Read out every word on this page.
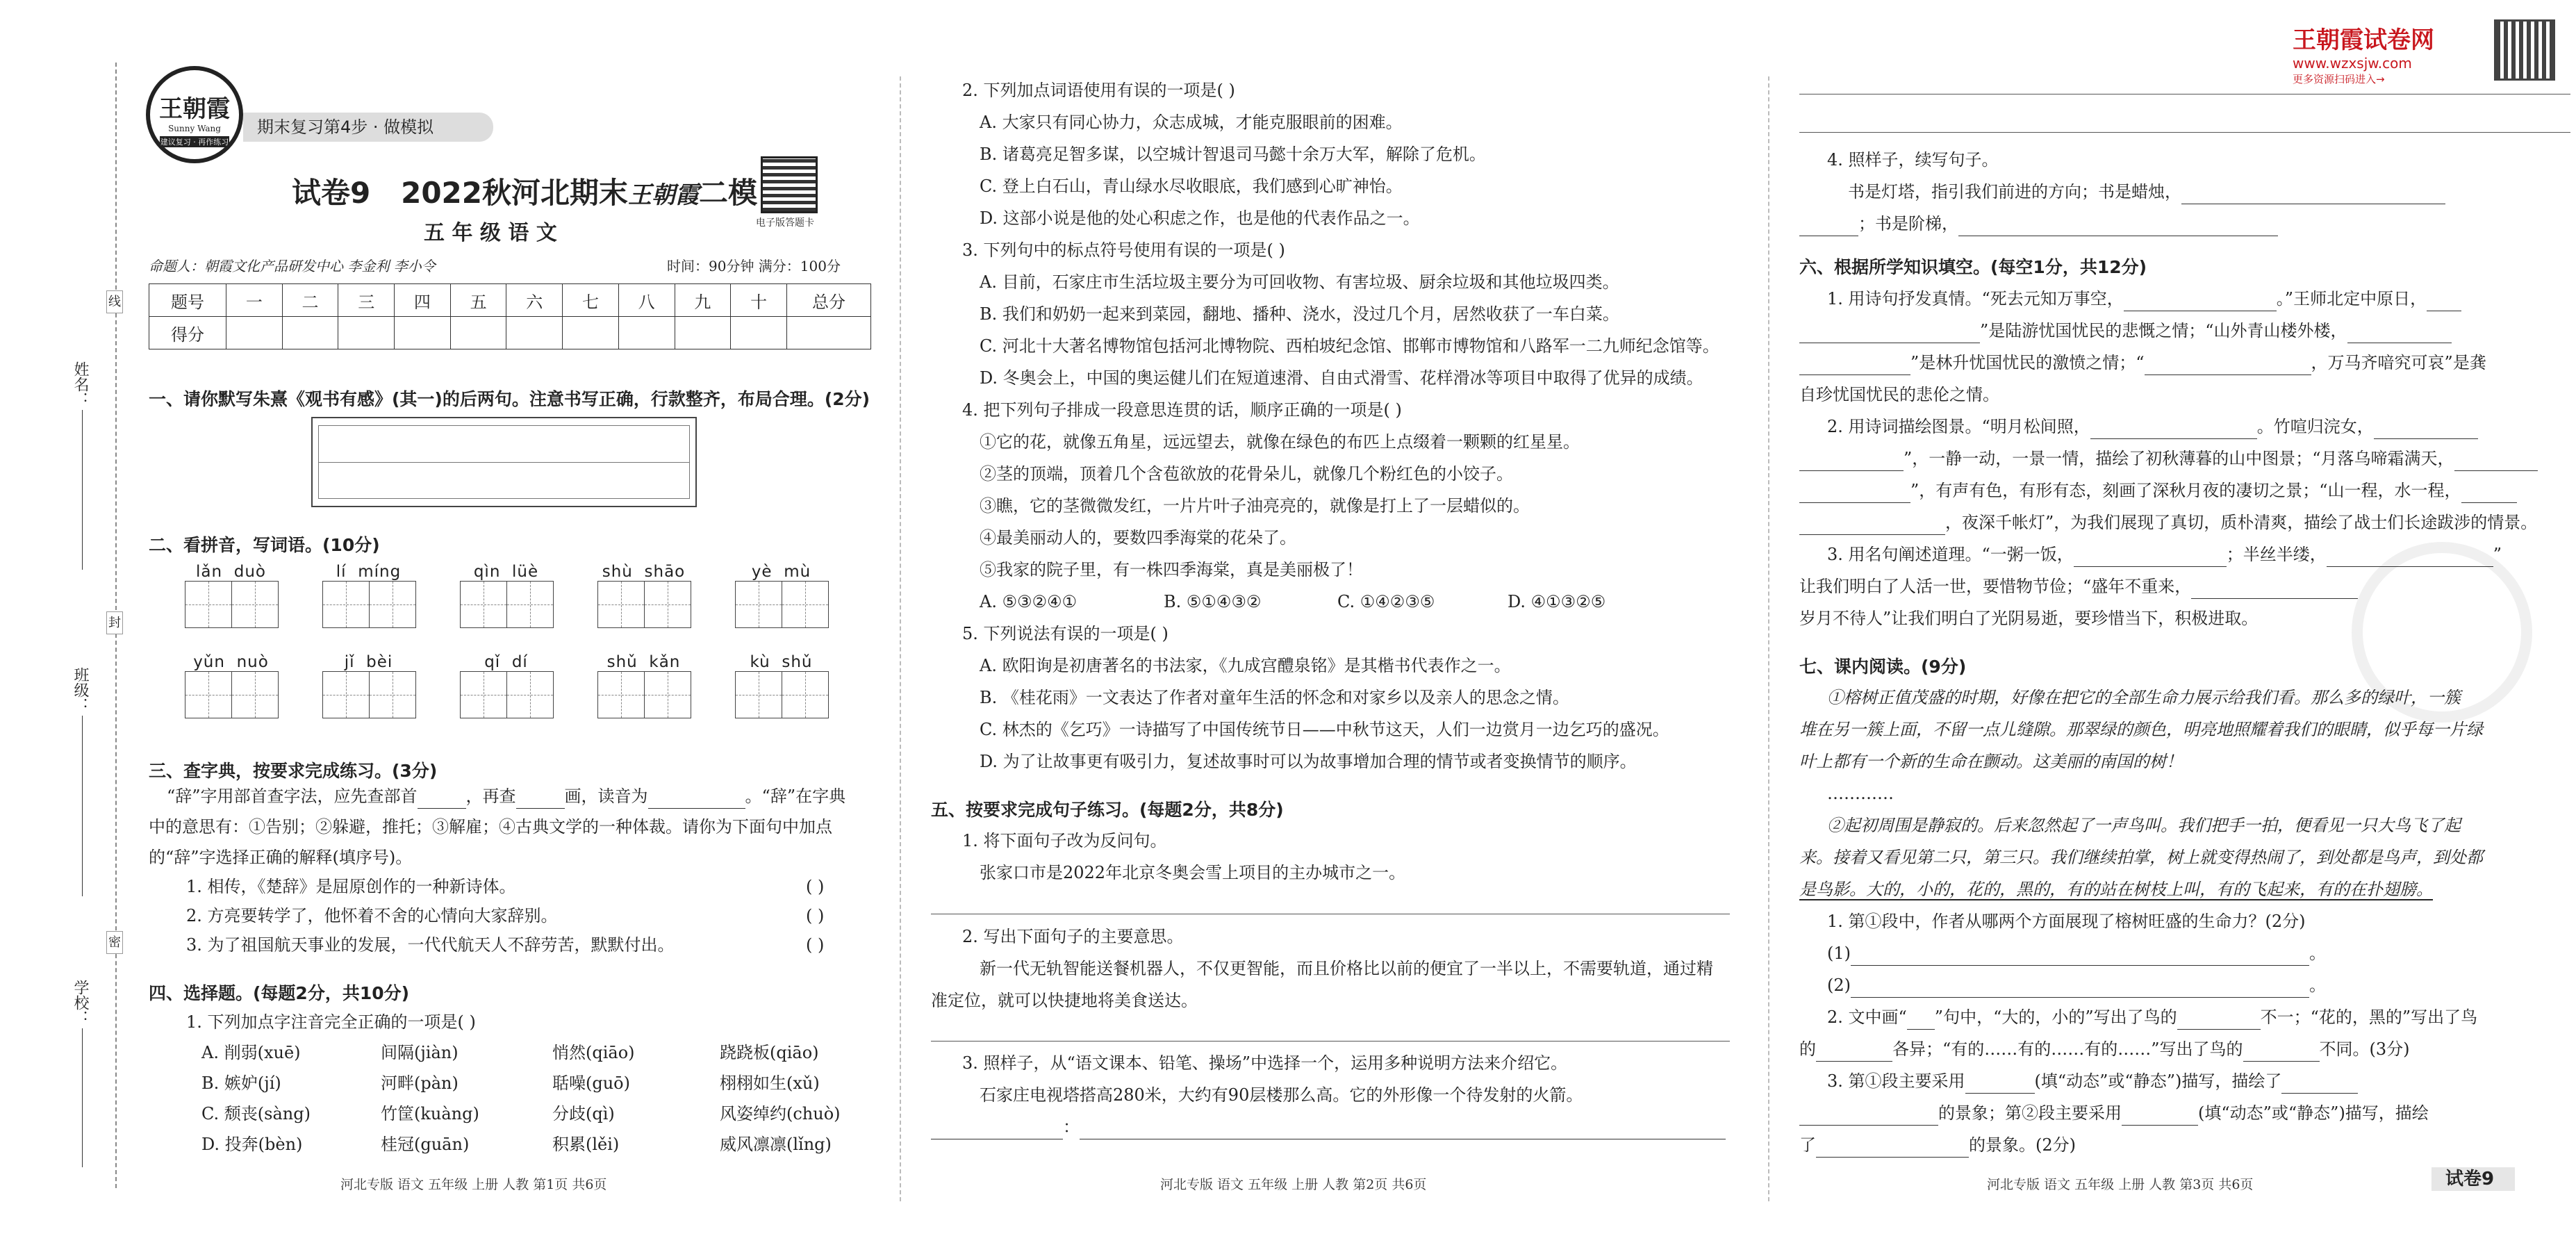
王朝霞试卷网
www.wzxsjw.com
更多资源扫码进入→
姓名：
班级：
学校：
线
封
密
王朝霞
Sunny Wang
建议复习 · 再作练习
期末复习第4步 · 做模拟
试卷9 2022秋河北期末王朝霞二模
五 年 级 语 文	电子版答题卡
命题人：朝霞文化产品研发中心 李金利 李小令	时间：90分钟 满分：100分
题号	一	二	三	四	五	六	七	八	九	十	总分
得分											
一、请你默写朱熹《观书有感》(其一)的后两句。注意书写正确，行款整齐，布局合理。(2分)
二、看拼音，写词语。(10分)
lǎn duò	lí míng	qìn lüè	shù shāo	yè mù
yǔn nuò	jǐ bèi	qǐ dí	shǔ kǎn	kù shǔ
三、查字典，按要求完成练习。(3分)
“辞”字用部首查字法，应先查部首	，再查	画，读音为	。“辞”在字典
中的意思有：①告别；②躲避，推托；③解雇；④古典文学的一种体裁。请你为下面句中加点
的“辞”字选择正确的解释(填序号)。
1. 相传，《楚辞》是屈原创作的一种新诗体。	( )
2. 方亮要转学了，他怀着不舍的心情向大家辞别。	( )
3. 为了祖国航天事业的发展，一代代航天人不辞劳苦，默默付出。	( )
四、选择题。(每题2分，共10分)
1. 下列加点字注音完全正确的一项是( )
A. 削弱(xuē)	间隔(jiàn)	悄然(qiāo)	跷跷板(qiāo)
B. 嫉妒(jí)	河畔(pàn)	聒噪(guō)	栩栩如生(xǔ)
C. 颓丧(sàng)	竹筐(kuàng)	分歧(qì)	风姿绰约(chuò)
D. 投奔(bèn)	桂冠(guān)	积累(lěi)	威风凛凛(lǐng)
河北专版 语文 五年级 上册 人教 第1页 共6页
2. 下列加点词语使用有误的一项是( )
A. 大家只有同心协力，众志成城，才能克服眼前的困难。
B. 诸葛亮足智多谋，以空城计智退司马懿十余万大军，解除了危机。
C. 登上白石山，青山绿水尽收眼底，我们感到心旷神怡。
D. 这部小说是他的处心积虑之作，也是他的代表作品之一。
3. 下列句中的标点符号使用有误的一项是( )
A. 目前，石家庄市生活垃圾主要分为可回收物、有害垃圾、厨余垃圾和其他垃圾四类。
B. 我们和奶奶一起来到菜园，翻地、播种、浇水，没过几个月，居然收获了一车白菜。
C. 河北十大著名博物馆包括河北博物院、西柏坡纪念馆、邯郸市博物馆和八路军一二九师纪念馆等。
D. 冬奥会上，中国的奥运健儿们在短道速滑、自由式滑雪、花样滑冰等项目中取得了优异的成绩。
4. 把下列句子排成一段意思连贯的话，顺序正确的一项是( )
①它的花，就像五角星，远远望去，就像在绿色的布匹上点缀着一颗颗的红星星。
②茎的顶端，顶着几个含苞欲放的花骨朵儿，就像几个粉红色的小饺子。
③瞧，它的茎微微发红，一片片叶子油亮亮的，就像是打上了一层蜡似的。
④最美丽动人的，要数四季海棠的花朵了。
⑤我家的院子里，有一株四季海棠，真是美丽极了！
A. ⑤③②④①	B. ⑤①④③②	C. ①④②③⑤	D. ④①③②⑤
5. 下列说法有误的一项是( )
A. 欧阳询是初唐著名的书法家，《九成宫醴泉铭》是其楷书代表作之一。
B. 《桂花雨》一文表达了作者对童年生活的怀念和对家乡以及亲人的思念之情。
C. 林杰的《乞巧》一诗描写了中国传统节日——中秋节这天，人们一边赏月一边乞巧的盛况。
D. 为了让故事更有吸引力，复述故事时可以为故事增加合理的情节或者变换情节的顺序。
五、按要求完成句子练习。(每题2分，共8分)
1. 将下面句子改为反问句。
张家口市是2022年北京冬奥会雪上项目的主办城市之一。
2. 写出下面句子的主要意思。
新一代无轨智能送餐机器人，不仅更智能，而且价格比以前的便宜了一半以上，不需要轨道，通过精
准定位，就可以快捷地将美食送达。
3. 照样子，从“语文课本、铅笔、操场”中选择一个，运用多种说明方法来介绍它。
石家庄电视塔搭高280米，大约有90层楼那么高。它的外形像一个待发射的火箭。
：
河北专版 语文 五年级 上册 人教 第2页 共6页
4. 照样子，续写句子。
书是灯塔，指引我们前进的方向；书是蜡烛，
；书是阶梯，
六、根据所学知识填空。(每空1分，共12分)
1. 用诗句抒发真情。“死去元知万事空，	。”王师北定中原日，
”是陆游忧国忧民的悲慨之情；“山外青山楼外楼，
”是林升忧国忧民的激愤之情；“	，万马齐喑究可哀”是龚
自珍忧国忧民的悲伦之情。
2. 用诗词描绘图景。“明月松间照，	。竹喧归浣女，
”，一静一动，一景一情，描绘了初秋薄暮的山中图景；“月落乌啼霜满天，
”，有声有色，有形有态，刻画了深秋月夜的凄切之景；“山一程，水一程，
，夜深千帐灯”，为我们展现了真切，质朴清爽，描绘了战士们长途跋涉的情景。
3. 用名句阐述道理。“一粥一饭，	；半丝半缕，	”
让我们明白了人活一世，要惜物节俭；“盛年不重来，
岁月不待人”让我们明白了光阴易逝，要珍惜当下，积极进取。
七、课内阅读。(9分)
①榕树正值茂盛的时期，好像在把它的全部生命力展示给我们看。那么多的绿叶，一簇
堆在另一簇上面，不留一点儿缝隙。那翠绿的颜色，明亮地照耀着我们的眼睛，似乎每一片绿
叶上都有一个新的生命在颤动。这美丽的南国的树！
…………
②起初周围是静寂的。后来忽然起了一声鸟叫。我们把手一拍，便看见一只大鸟飞了起
来。接着又看见第二只，第三只。我们继续拍掌，树上就变得热闹了，到处都是鸟声，到处都
是鸟影。大的，小的，花的，黑的，有的站在树枝上叫，有的飞起来，有的在扑翅膀。
1. 第①段中，作者从哪两个方面展现了榕树旺盛的生命力？(2分)
(1)	。
(2)	。
2. 文中画“ ”句中，“大的，小的”写出了鸟的	不一；“花的，黑的”写出了鸟
的	各异；“有的……有的……有的……”写出了鸟的	不同。(3分)
3. 第①段主要采用	(填“动态”或“静态”)描写，描绘了
的景象；第②段主要采用	(填“动态”或“静态”)描写，描绘
了	的景象。(2分)
河北专版 语文 五年级 上册 人教 第3页 共6页	试卷9
